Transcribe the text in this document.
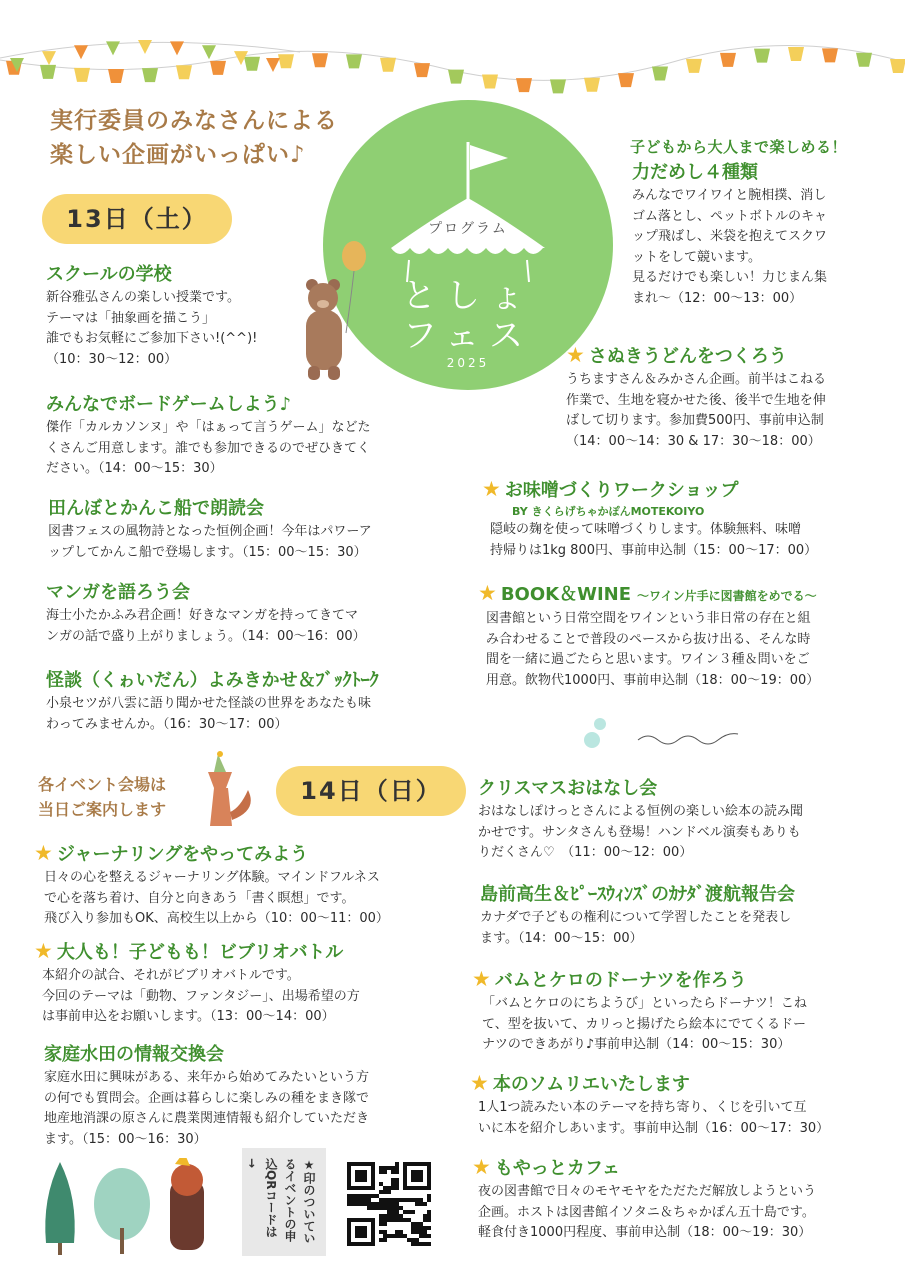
実行委員のみなさんによる
楽しい企画がいっぱい♪
プログラム
としょ
フェス
2025
子どもから大人まで楽しめる！
13日（土）
スクールの学校
新谷雅弘さんの楽しい授業です。
テーマは「抽象画を描こう」
誰でもお気軽にご参加下さい!(^^)!
（10：30〜12：00）
みんなでボードゲームしよう♪
傑作「カルカソンヌ」や「はぁって言うゲーム」などた
くさんご用意します。誰でも参加できるのでぜひきてく
ださい。（14：00〜15：30）
田んぼとかんこ船で朗読会
図書フェスの風物詩となった恒例企画！今年はパワーア
ップしてかんこ船で登場します。（15：00〜15：30）
マンガを語ろう会
海士小たかふみ君企画！好きなマンガを持ってきてマ
ンガの話で盛り上がりましょう。（14：00〜16：00）
怪談（くゎいだん）よみきかせ＆ﾌﾞｯｸﾄｰｸ
小泉セツが八雲に語り聞かせた怪談の世界をあなたも味
わってみませんか。（16：30〜17：00）
力だめし４種類
みんなでワイワイと腕相撲、消し
ゴム落とし、ペットボトルのキャ
ップ飛ばし、米袋を抱えてスクワ
ットをして競います。
見るだけでも楽しい！力じまん集
まれ〜（12：00〜13：00）
★ さぬきうどんをつくろう
うちますさん＆みかさん企画。前半はこねる
作業で、生地を寝かせた後、後半で生地を伸
ばして切ります。参加費500円、事前申込制
（14：00〜14：30 & 17：30〜18：00）
★ お味噌づくりワークショップ
BY きくらげちゃかぽんMOTEKOIYO
隠岐の麹を使って味噌づくりします。体験無料、味噌
持帰りは1kg 800円、事前申込制（15：00〜17：00）
★ BOOK＆WINE 〜ワイン片手に図書館をめでる〜
図書館という日常空間をワインという非日常の存在と組
み合わせることで普段のペースから抜け出る、そんな時
間を一緒に過ごたらと思います。ワイン３種＆問いをご
用意。飲物代1000円、事前申込制（18：00〜19：00）
各イベント会場は
当日ご案内します
14日（日）
★ ジャーナリングをやってみよう
日々の心を整えるジャーナリング体験。マインドフルネス
で心を落ち着け、自分と向きあう「書く瞑想」です。
飛び入り参加もOK、高校生以上から（10：00〜11：00）
★ 大人も！子どもも！ビブリオバトル
本紹介の試合、それがビブリオバトルです。
今回のテーマは「動物、ファンタジー」、出場希望の方
は事前申込をお願いします。（13：00〜14：00）
家庭水田の情報交換会
家庭水田に興味がある、来年から始めてみたいという方
の何でも質問会。企画は暮らしに楽しみの種をまき隊で
地産地消課の原さんに農業関連情報も紹介していただき
ます。（15：00〜16：30）
クリスマスおはなし会
おはなしぽけっとさんによる恒例の楽しい絵本の読み聞
かせです。サンタさんも登場！ハンドベル演奏もありも
りだくさん♡　（11：00〜12：00）
島前高生＆ﾋﾟｰｽｳｨﾝｽﾞのｶﾅﾀﾞ渡航報告会
カナダで子どもの権利について学習したことを発表し
ます。（14：00〜15：00）
★ バムとケロのドーナツを作ろう
「バムとケロのにちようび」といったらドーナツ！こね
て、型を抜いて、カリっと揚げたら絵本にでてくるドー
ナツのできあがり♪事前申込制（14：00〜15：30）
★ 本のソムリエいたします
1人1つ読みたい本のテーマを持ち寄り、くじを引いて互
いに本を紹介しあいます。事前申込制（16：00〜17：30）
★ もやっとカフェ
夜の図書館で日々のモヤモヤをただただ解放しようという
企画。ホストは図書館イソタニ＆ちゃかぽん五十島です。
軽食付き1000円程度、事前申込制（18：00〜19：30）
★印のついているイベントの申込QRコードは→
